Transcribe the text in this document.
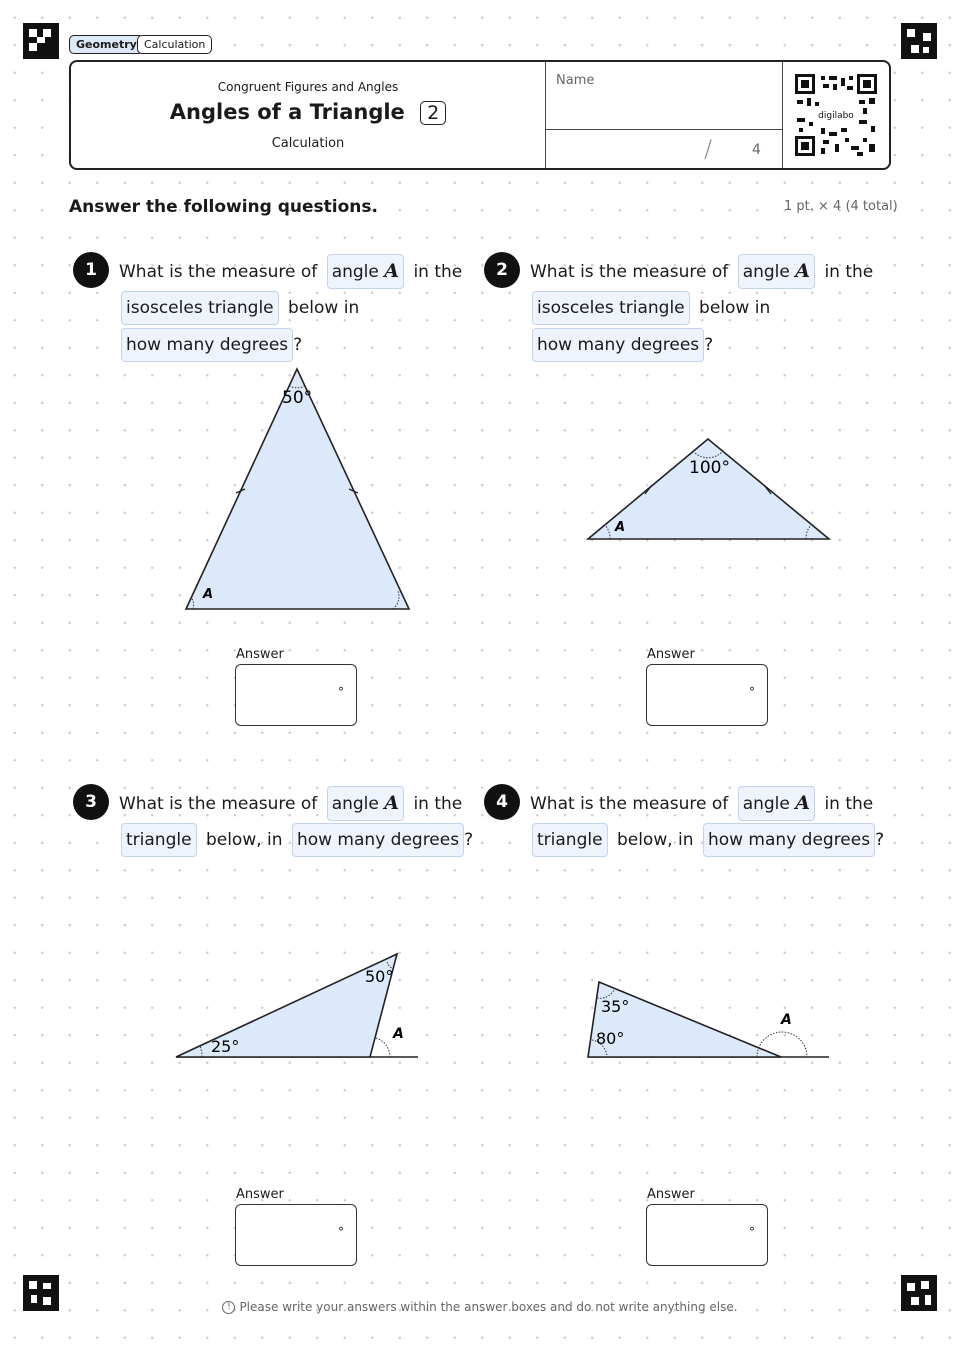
Geometry Calculation
Congruent Figures and Angles
Angles of a Triangle 2
Calculation
Name
/	4
digilabo
Answer the following questions.	1 pt. × 4 (4 total)
1	What is the measure of angle A in the
isosceles triangle below in
how many degrees ?
50°
A
Answer
°
2	What is the measure of angle A in the
isosceles triangle below in
how many degrees ?
100°
A
Answer
°
3	What is the measure of angle A in the
triangle below, in how many degrees ?
50°
25°
A
Answer
°
4	What is the measure of angle A in the
triangle below, in how many degrees ?
35°
80°
A
Answer
°
! Please write your answers within the answer boxes and do not write anything else.
